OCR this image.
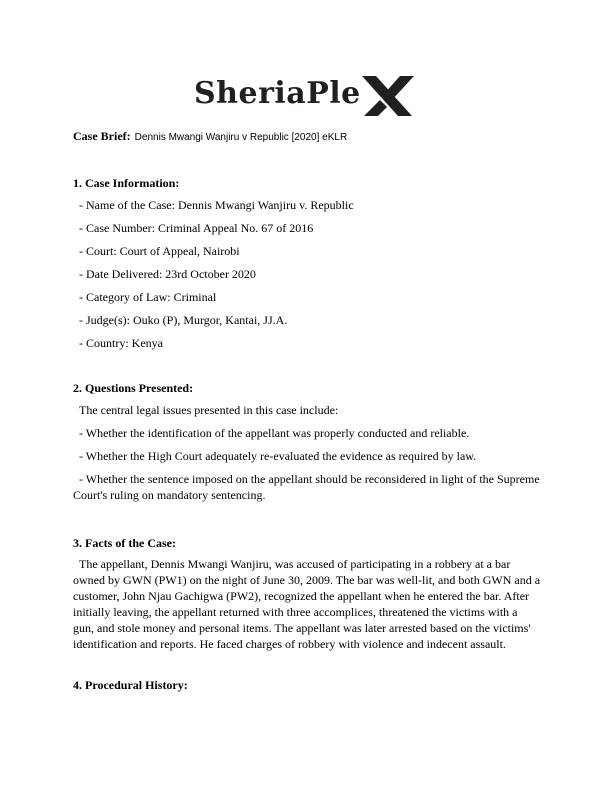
SheriaPle
Case Brief: Dennis Mwangi Wanjiru v Republic [2020] eKLR

1. Case Information:

- Name of the Case: Dennis Mwangi Wanjiru v. Republic

- Case Number: Criminal Appeal No. 67 of 2016

- Court: Court of Appeal, Nairobi

- Date Delivered: 23rd October 2020

- Category of Law: Criminal

- Judge(s): Ouko (P), Murgor, Kantai, JJ.A.

- Country: Kenya

2. Questions Presented:

The central legal issues presented in this case include:

- Whether the identification of the appellant was properly conducted and reliable.

- Whether the High Court adequately re-evaluated the evidence as required by law.

- Whether the sentence imposed on the appellant should be reconsidered in light of the Supreme Court's ruling on mandatory sentencing.

3. Facts of the Case:

The appellant, Dennis Mwangi Wanjiru, was accused of participating in a robbery at a bar owned by GWN (PW1) on the night of June 30, 2009. The bar was well-lit, and both GWN and a customer, John Njau Gachigwa (PW2), recognized the appellant when he entered the bar. After initially leaving, the appellant returned with three accomplices, threatened the victims with a gun, and stole money and personal items. The appellant was later arrested based on the victims' identification and reports. He faced charges of robbery with violence and indecent assault.

4. Procedural History:
